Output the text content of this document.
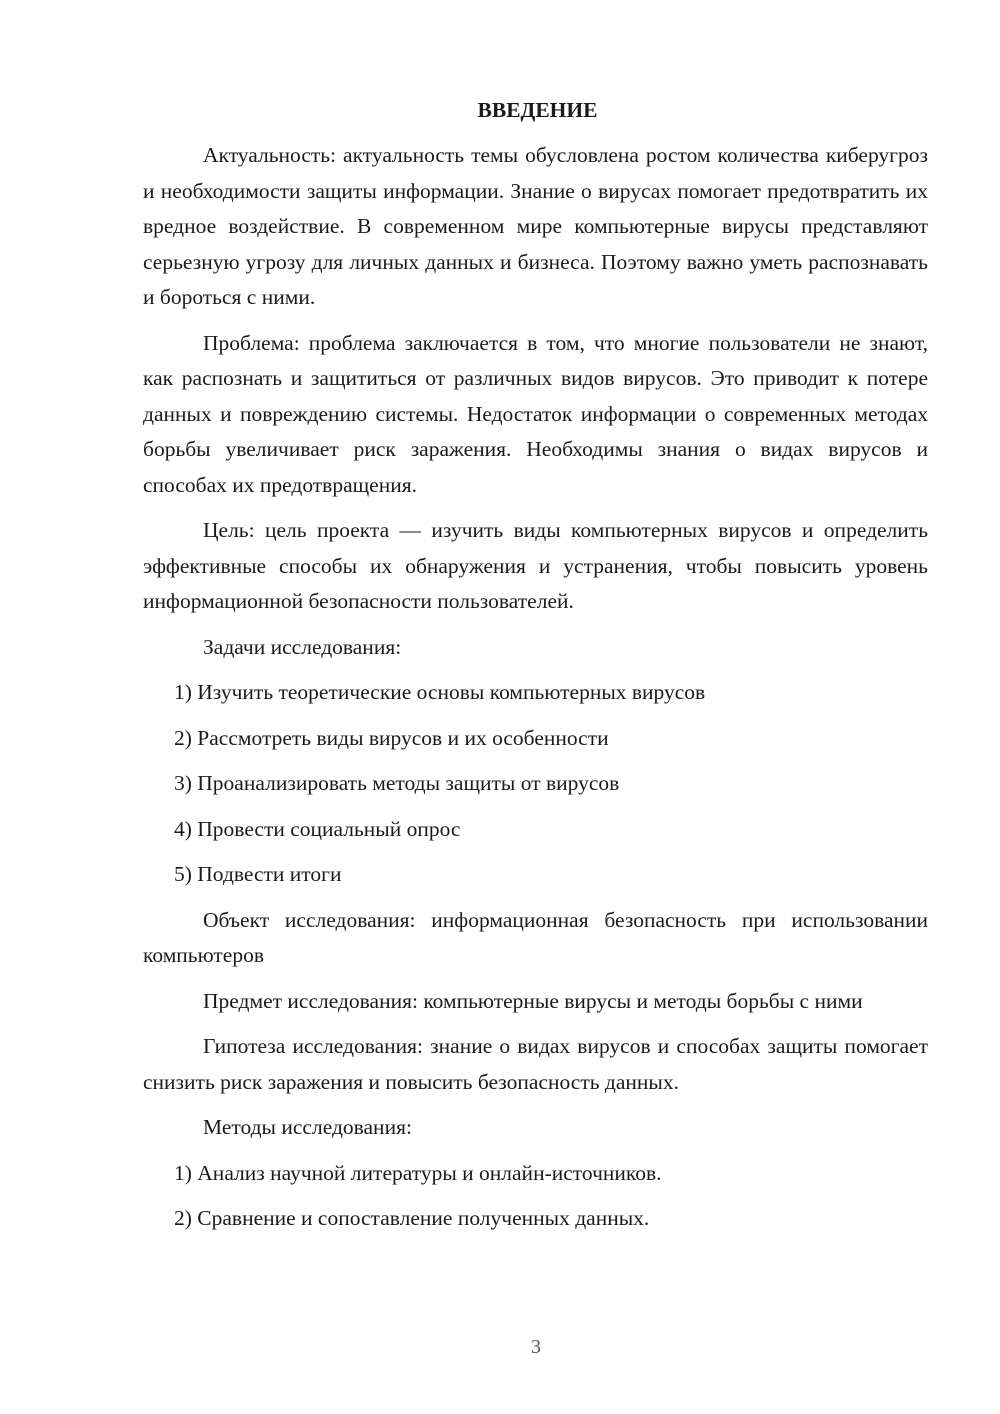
ВВЕДЕНИЕ

Актуальность: актуальность темы обусловлена ростом количества киберугроз и необходимости защиты информации. Знание о вирусах помогает предотвратить их вредное воздействие. В современном мире компьютерные вирусы представляют серьезную угрозу для личных данных и бизнеса. Поэтому важно уметь распознавать и бороться с ними.

Проблема: проблема заключается в том, что многие пользователи не знают, как распознать и защититься от различных видов вирусов. Это приводит к потере данных и повреждению системы. Недостаток информации о современных методах борьбы увеличивает риск заражения. Необходимы знания о видах вирусов и способах их предотвращения.

Цель: цель проекта — изучить виды компьютерных вирусов и определить эффективные способы их обнаружения и устранения, чтобы повысить уровень информационной безопасности пользователей.

Задачи исследования:

1) Изучить теоретические основы компьютерных вирусов
2) Рассмотреть виды вирусов и их особенности
3) Проанализировать методы защиты от вирусов
4) Провести социальный опрос
5) Подвести итоги

Объект исследования: информационная безопасность при использовании компьютеров

Предмет исследования: компьютерные вирусы и методы борьбы с ними

Гипотеза исследования: знание о видах вирусов и способах защиты помогает снизить риск заражения и повысить безопасность данных.

Методы исследования:

1) Анализ научной литературы и онлайн-источников.
2) Сравнение и сопоставление полученных данных.
3
